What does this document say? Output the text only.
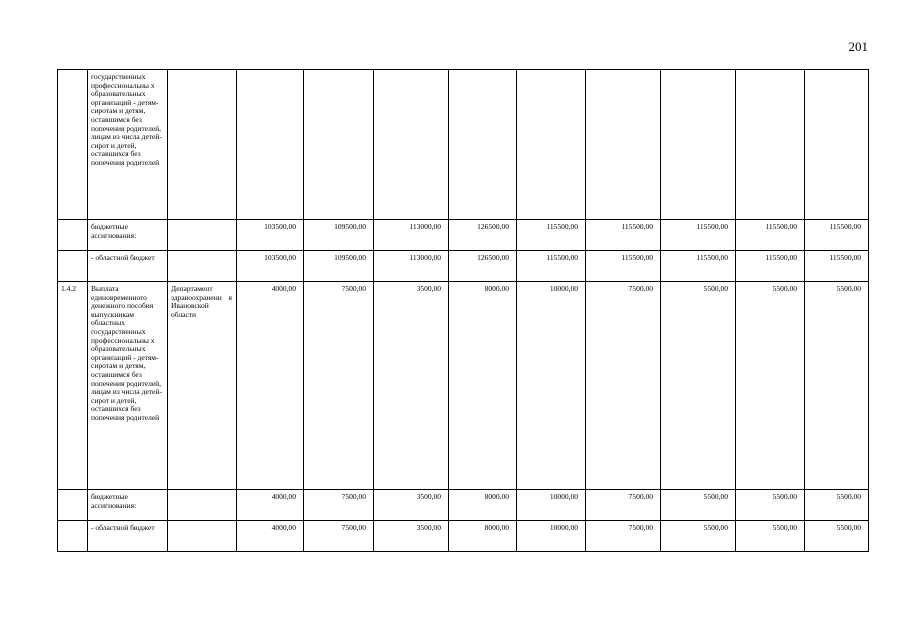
201
	государственных профессиональны х образовательных организаций - детям-сиротам и детям, оставшимся без попечения родителей, лицам из числа детей-сирот и детей, оставшихся без попечения родителей										
	бюджетные ассигнования:		103500,00	109500,00	113000,00	126500,00	115500,00	115500,00	115500,00	115500,00	115500,00
	- областной бюджет		103500,00	109500,00	113000,00	126500,00	115500,00	115500,00	115500,00	115500,00	115500,00
1.4.2	Выплата единовременного денежного пособия выпускникам областных государственных профессиональны х образовательных организаций - детям-сиротам и детям, оставшимся без попечения родителей, лицам из числа детей-сирот и детей, оставшихся без попечения родителей	Департамент здравоохранени я Ивановской области	4000,00	7500,00	3500,00	8000,00	10000,00	7500,00	5500,00	5500,00	5500,00
	бюджетные ассигнования:		4000,00	7500,00	3500,00	8000,00	10000,00	7500,00	5500,00	5500,00	5500,00
	- областной бюджет		4000,00	7500,00	3500,00	8000,00	10000,00	7500,00	5500,00	5500,00	5500,00
